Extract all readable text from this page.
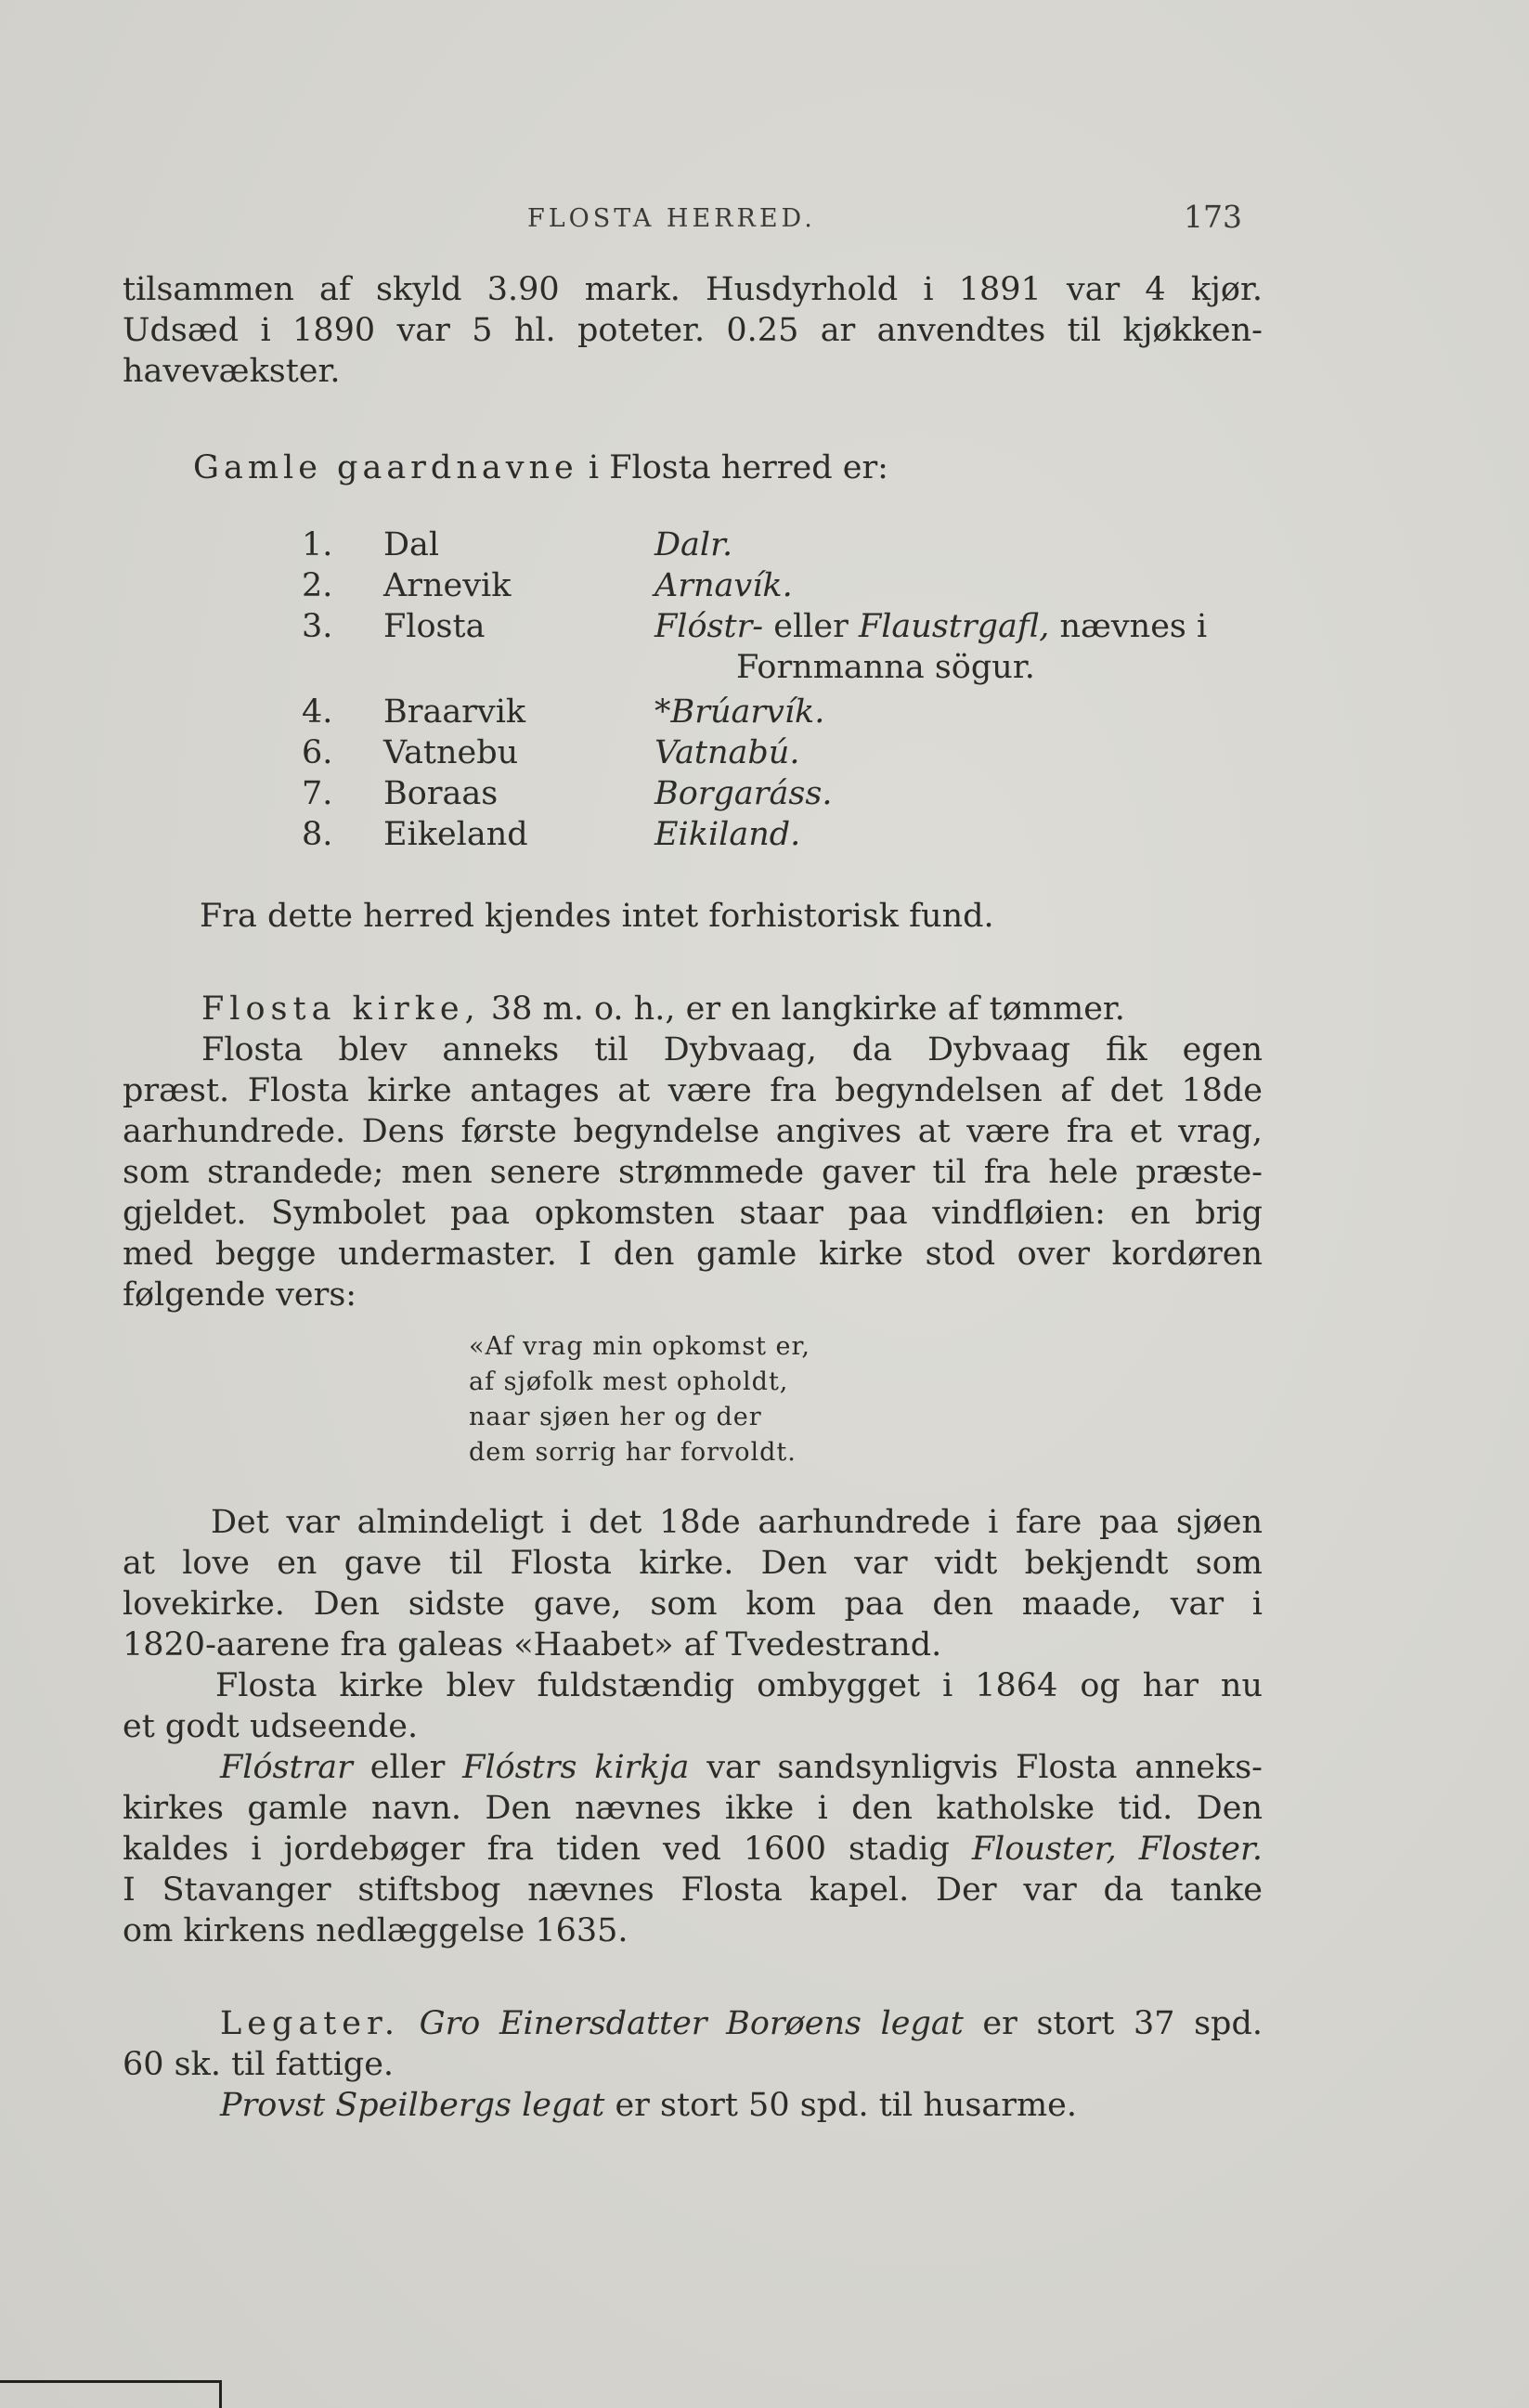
FLOSTA HERRED.	173
tilsammen af skyld 3.90 mark. Husdyrhold i 1891 var 4 kjør.
Udsæd i 1890 var 5 hl. poteter. 0.25 ar anvendtes til kjøkken-
havevækster.
Gamle gaardnavne i Flosta herred er:
1.	Dal	Dalr.
2.	Arnevik	Arnavík.
3.	Flosta	Flóstr- eller Flaustrgafl, nævnes i
Fornmanna sögur.
4.	Braarvik	*Brúarvík.
6.	Vatnebu	Vatnabú.
7.	Boraas	Borgaráss.
8.	Eikeland	Eikiland.
Fra dette herred kjendes intet forhistorisk fund.
Flosta kirke, 38 m. o. h., er en langkirke af tømmer.
Flosta blev anneks til Dybvaag, da Dybvaag fik egen
præst. Flosta kirke antages at være fra begyndelsen af det 18de
aarhundrede. Dens første begyndelse angives at være fra et vrag,
som strandede; men senere strømmede gaver til fra hele præste-
gjeldet. Symbolet paa opkomsten staar paa vindfløien: en brig
med begge undermaster. I den gamle kirke stod over kordøren
følgende vers:
«Af vrag min opkomst er,
af sjøfolk mest opholdt,
naar sjøen her og der
dem sorrig har forvoldt.
Det var almindeligt i det 18de aarhundrede i fare paa sjøen
at love en gave til Flosta kirke. Den var vidt bekjendt som
lovekirke. Den sidste gave, som kom paa den maade, var i
1820-aarene fra galeas «Haabet» af Tvedestrand.
Flosta kirke blev fuldstændig ombygget i 1864 og har nu
et godt udseende.
Flóstrar eller Flóstrs kirkja var sandsynligvis Flosta anneks-
kirkes gamle navn. Den nævnes ikke i den katholske tid. Den
kaldes i jordebøger fra tiden ved 1600 stadig Flouster, Floster.
I Stavanger stiftsbog nævnes Flosta kapel. Der var da tanke
om kirkens nedlæggelse 1635.
Legater. Gro Einersdatter Borøens legat er stort 37 spd.
60 sk. til fattige.
Provst Speilbergs legat er stort 50 spd. til husarme.
